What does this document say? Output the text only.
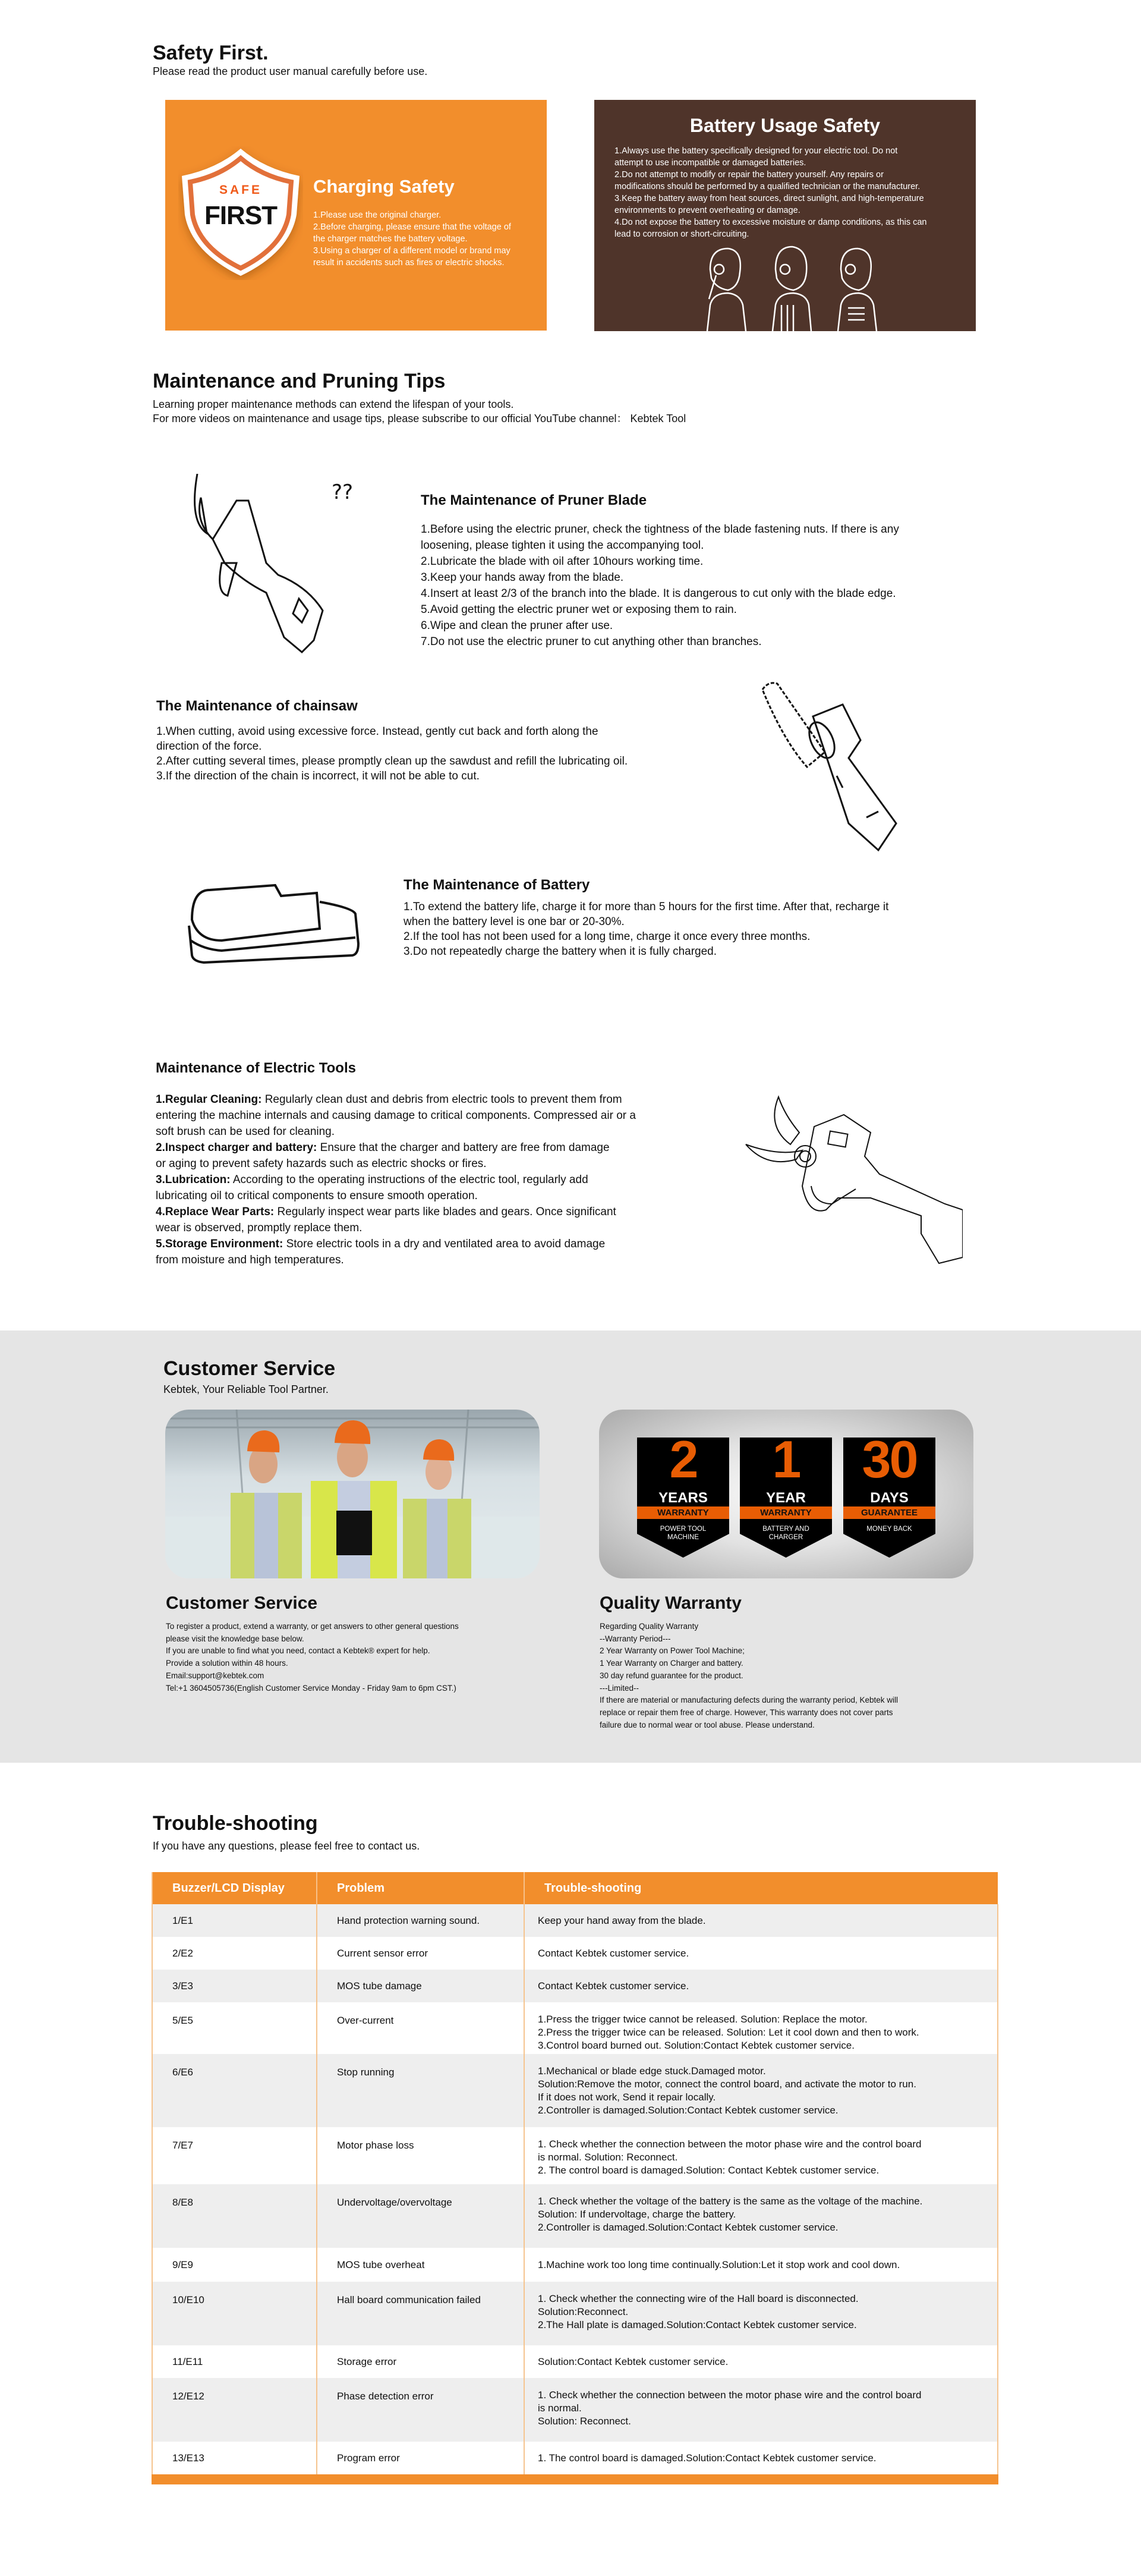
Safety First.
Please read the product user manual carefully before use.
SAFE
FIRST
Charging Safety
1.Please use the original charger.
2.Before charging, please ensure that the voltage of
the charger matches the battery voltage.
3.Using a charger of a different model or brand may
result in accidents such as fires or electric shocks.
Battery Usage Safety
1.Always use the battery specifically designed for your electric tool. Do not
attempt to use incompatible or damaged batteries.
2.Do not attempt to modify or repair the battery yourself. Any repairs or
modifications should be performed by a qualified technician or the manufacturer.
3.Keep the battery away from heat sources, direct sunlight, and high-temperature
environments to prevent overheating or damage.
4.Do not expose the battery to excessive moisture or damp conditions, as this can
lead to corrosion or short-circuiting.
Maintenance and Pruning Tips
Learning proper maintenance methods can extend the lifespan of your tools.
For more videos on maintenance and usage tips, please subscribe to our official YouTube channel： Kebtek Tool
??	The Maintenance of Pruner Blade
1.Before using the electric pruner, check the tightness of the blade fastening nuts. If there is any
loosening, please tighten it using the accompanying tool.
2.Lubricate the blade with oil after 10hours working time.
3.Keep your hands away from the blade.
4.Insert at least 2/3 of the branch into the blade. It is dangerous to cut only with the blade edge.
5.Avoid getting the electric pruner wet or exposing them to rain.
6.Wipe and clean the pruner after use.
7.Do not use the electric pruner to cut anything other than branches.
The Maintenance of chainsaw
1.When cutting, avoid using excessive force. Instead, gently cut back and forth along the
direction of the force.
2.After cutting several times, please promptly clean up the sawdust and refill the lubricating oil.
3.If the direction of the chain is incorrect, it will not be able to cut.
The Maintenance of Battery
1.To extend the battery life, charge it for more than 5 hours for the first time. After that, recharge it
when the battery level is one bar or 20-30%.
2.If the tool has not been used for a long time, charge it once every three months.
3.Do not repeatedly charge the battery when it is fully charged.
Maintenance of Electric Tools
1.Regular Cleaning: Regularly clean dust and debris from electric tools to prevent them from
entering the machine internals and causing damage to critical components. Compressed air or a
soft brush can be used for cleaning.
2.Inspect charger and battery: Ensure that the charger and battery are free from damage
or aging to prevent safety hazards such as electric shocks or fires.
3.Lubrication: According to the operating instructions of the electric tool, regularly add
lubricating oil to critical components to ensure smooth operation.
4.Replace Wear Parts: Regularly inspect wear parts like blades and gears. Once significant
wear is observed, promptly replace them.
5.Storage Environment: Store electric tools in a dry and ventilated area to avoid damage
from moisture and high temperatures.
Customer Service
Kebtek, Your Reliable Tool Partner.
2
YEARS
WARRANTY
POWER TOOL MACHINE
1
YEAR
WARRANTY
BATTERY AND CHARGER
30
DAYS
GUARANTEE
MONEY BACK
Customer Service
To register a product, extend a warranty, or get answers to other general questions
please visit the knowledge base below.
If you are unable to find what you need, contact a Kebtek® expert for help.
Provide a solution within 48 hours.
Email:support@kebtek.com
Tel:+1 3604505736(English Customer Service Monday - Friday 9am to 6pm CST.)
Quality Warranty
Regarding Quality Warranty
--Warranty Period---
2 Year Warranty on Power Tool Machine;
1 Year Warranty on Charger and battery.
30 day refund guarantee for the product.
---Limited--
If there are material or manufacturing defects during the warranty period, Kebtek will
replace or repair them free of charge. However, This warranty does not cover parts
failure due to normal wear or tool abuse. Please understand.
Trouble-shooting
If you have any questions, please feel free to contact us.
Buzzer/LCD Display	Problem	Trouble-shooting
1/E1	Hand protection warning sound.	Keep your hand away from the blade.

2/E2	Current sensor error	Contact Kebtek customer service.

3/E3	MOS tube damage	Contact Kebtek customer service.

5/E5	Over-current	1.Press the trigger twice cannot be released. Solution: Replace the motor.
2.Press the trigger twice can be released. Solution: Let it cool down and then to work.
3.Control board burned out. Solution:Contact Kebtek customer service.

6/E6	Stop running	1.Mechanical or blade edge stuck.Damaged motor.
Solution:Remove the motor, connect the control board, and activate the motor to run.
If it does not work, Send it repair locally.
2.Controller is damaged.Solution:Contact Kebtek customer service.

7/E7	Motor phase loss	1. Check whether the connection between the motor phase wire and the control board
is normal. Solution: Reconnect.
2. The control board is damaged.Solution: Contact Kebtek customer service.

8/E8	Undervoltage/overvoltage	1. Check whether the voltage of the battery is the same as the voltage of the machine.
Solution: If undervoltage, charge the battery.
2.Controller is damaged.Solution:Contact Kebtek customer service.

9/E9	MOS tube overheat	1.Machine work too long time continually.Solution:Let it stop work and cool down.

10/E10	Hall board communication failed	1. Check whether the connecting wire of the Hall board is disconnected.
Solution:Reconnect.
2.The Hall plate is damaged.Solution:Contact Kebtek customer service.

11/E11	Storage error	Solution:Contact Kebtek customer service.

12/E12	Phase detection error	1. Check whether the connection between the motor phase wire and the control board
is normal.
Solution: Reconnect.

13/E13	Program error	1. The control board is damaged.Solution:Contact Kebtek customer service.
